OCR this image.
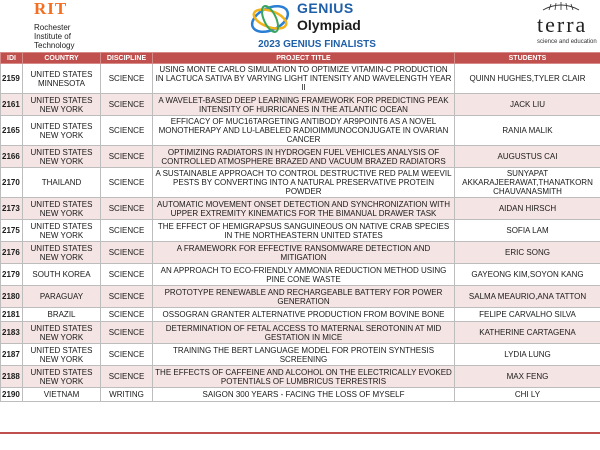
RIT
Rochester Institute of Technology
GENIUS
Olympiad
2023 GENIUS FINALISTS
terra
science and education
IDI	COUNTRY	DISCIPLINE	PROJECT TITLE	STUDENTS
2159	UNITED STATES MINNESOTA	SCIENCE	USING MONTE CARLO SIMULATION TO OPTIMIZE VITAMIN-C PRODUCTION IN LACTUCA SATIVA BY VARYING LIGHT INTENSITY AND WAVELENGTH YEAR II	QUINN HUGHES,TYLER CLAIR
2161	UNITED STATES NEW YORK	SCIENCE	A WAVELET-BASED DEEP LEARNING FRAMEWORK FOR PREDICTING PEAK INTENSITY OF HURRICANES IN THE ATLANTIC OCEAN	JACK LIU
2165	UNITED STATES NEW YORK	SCIENCE	EFFICACY OF MUC16TARGETING ANTIBODY AR9POINT6 AS A NOVEL MONOTHERAPY AND LU-LABELED RADIOIMMUNOCONJUGATE IN OVARIAN CANCER	RANIA MALIK
2166	UNITED STATES NEW YORK	SCIENCE	OPTIMIZING RADIATORS IN HYDROGEN FUEL VEHICLES ANALYSIS OF CONTROLLED ATMOSPHERE BRAZED AND VACUUM BRAZED RADIATORS	AUGUSTUS CAI
2170	THAILAND	SCIENCE	A SUSTAINABLE APPROACH TO CONTROL DESTRUCTIVE RED PALM WEEVIL PESTS BY CONVERTING INTO A NATURAL PRESERVATIVE PROTEIN POWDER	SUNYAPAT AKKARAJEERAWAT,THANATKORN CHAUVANASMITH
2173	UNITED STATES NEW YORK	SCIENCE	AUTOMATIC MOVEMENT ONSET DETECTION AND SYNCHRONIZATION WITH UPPER EXTREMITY KINEMATICS FOR THE BIMANUAL DRAWER TASK	AIDAN HIRSCH
2175	UNITED STATES NEW YORK	SCIENCE	THE EFFECT OF HEMIGRAPSUS SANGUINEOUS ON NATIVE CRAB SPECIES IN THE NORTHEASTERN UNITED STATES	SOFIA LAM
2176	UNITED STATES NEW YORK	SCIENCE	A FRAMEWORK FOR EFFECTIVE RANSOMWARE DETECTION AND MITIGATION	ERIC SONG
2179	SOUTH KOREA	SCIENCE	AN APPROACH TO ECO-FRIENDLY AMMONIA REDUCTION METHOD USING PINE CONE WASTE	GAYEONG KIM,SOYON KANG
2180	PARAGUAY	SCIENCE	PROTOTYPE RENEWABLE AND RECHARGEABLE BATTERY FOR POWER GENERATION	SALMA MEAURIO,ANA TATTON
2181	BRAZIL	SCIENCE	OSSOGRAN GRANTER ALTERNATIVE PRODUCTION FROM BOVINE BONE	FELIPE CARVALHO SILVA
2183	UNITED STATES NEW YORK	SCIENCE	DETERMINATION OF FETAL ACCESS TO MATERNAL SEROTONIN AT MID GESTATION IN MICE	KATHERINE CARTAGENA
2187	UNITED STATES NEW YORK	SCIENCE	TRAINING THE BERT LANGUAGE MODEL FOR PROTEIN SYNTHESIS SCREENING	LYDIA LUNG
2188	UNITED STATES NEW YORK	SCIENCE	THE EFFECTS OF CAFFEINE AND ALCOHOL ON THE ELECTRICALLY EVOKED POTENTIALS OF LUMBRICUS TERRESTRIS	MAX FENG
2190	VIETNAM	WRITING	SAIGON 300 YEARS - FACING THE LOSS OF MYSELF	CHI LY
